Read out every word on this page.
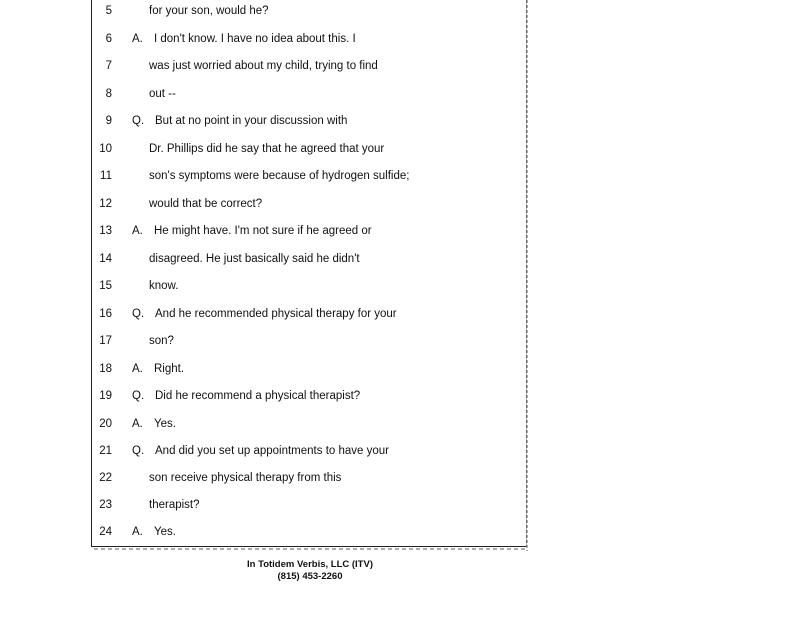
5	for your son, would he?
6 A. I don't know. I have no idea about this. I
7	was just worried about my child, trying to find
8	out --
9 Q. But at no point in your discussion with
10	Dr. Phillips did he say that he agreed that your
11	son's symptoms were because of hydrogen sulfide;
12	would that be correct?
13 A. He might have. I'm not sure if he agreed or
14	disagreed. He just basically said he didn't
15	know.
16 Q. And he recommended physical therapy for your
17	son?
18 A. Right.
19 Q. Did he recommend a physical therapist?
20 A. Yes.
21 Q. And did you set up appointments to have your
22	son receive physical therapy from this
23	therapist?
24 A. Yes.
In Totidem Verbis, LLC (ITV)
(815) 453-2260
